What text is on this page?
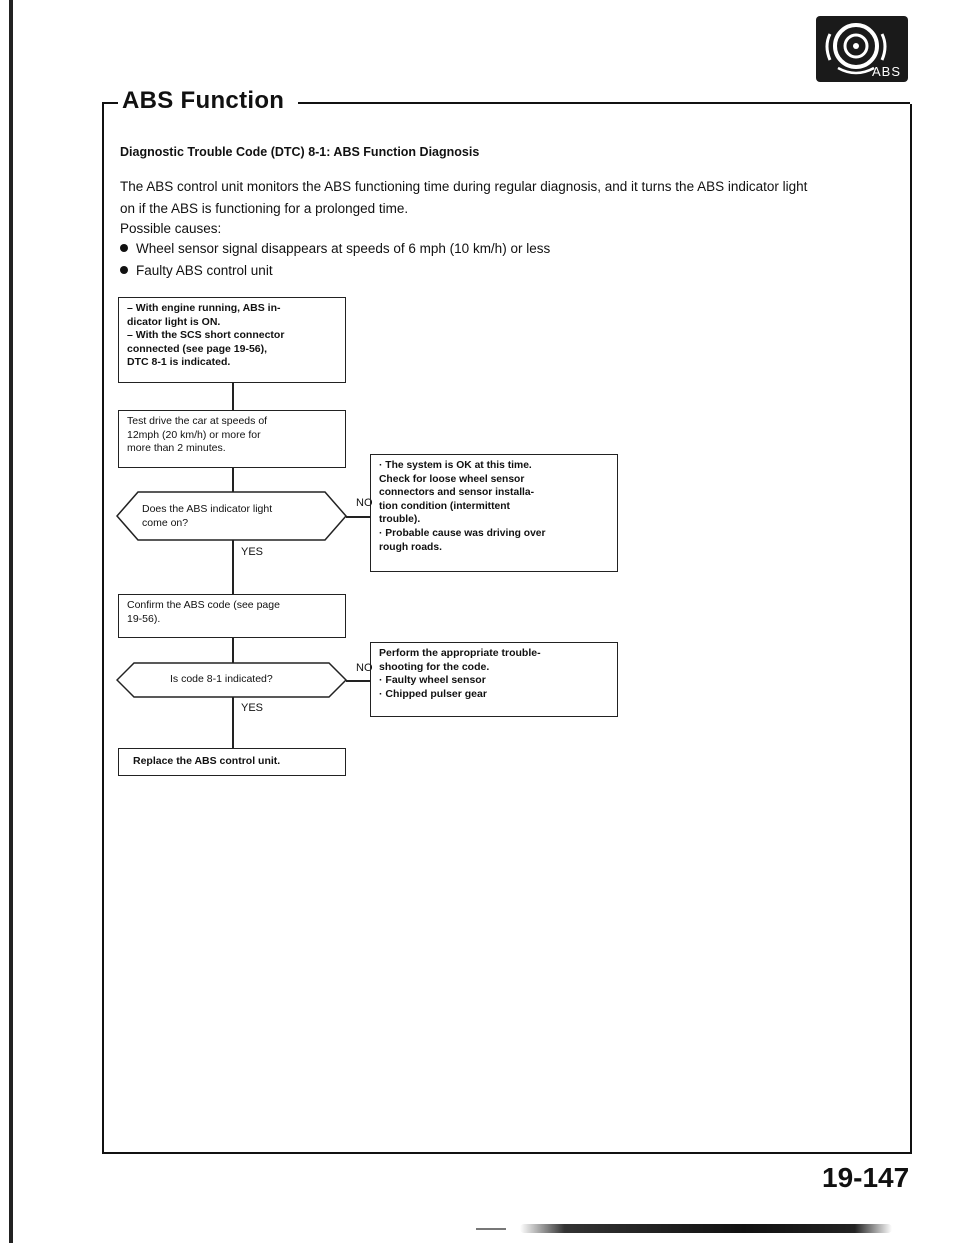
ABS
ABS Function
Diagnostic Trouble Code (DTC) 8-1: ABS Function Diagnosis
The ABS control unit monitors the ABS functioning time during regular diagnosis, and it turns the ABS indicator light
on if the ABS is functioning for a prolonged time.
Possible causes:
Wheel sensor signal disappears at speeds of 6 mph (10 km/h) or less
Faulty ABS control unit
– With engine running, ABS in-
dicator light is ON.
– With the SCS short connector
connected (see page 19-56),
DTC 8-1 is indicated.
Test drive the car at speeds of
12mph (20 km/h) or more for
more than 2 minutes.
Does the ABS indicator light
come on?
NO
YES
· The system is OK at this time.
Check for loose wheel sensor
connectors and sensor installa-
tion condition (intermittent
trouble).
· Probable cause was driving over
rough roads.
Confirm the ABS code (see page
19-56).
Is code 8-1 indicated?
NO
YES
Perform the appropriate trouble-
shooting for the code.
· Faulty wheel sensor
· Chipped pulser gear
Replace the ABS control unit.
19-147
